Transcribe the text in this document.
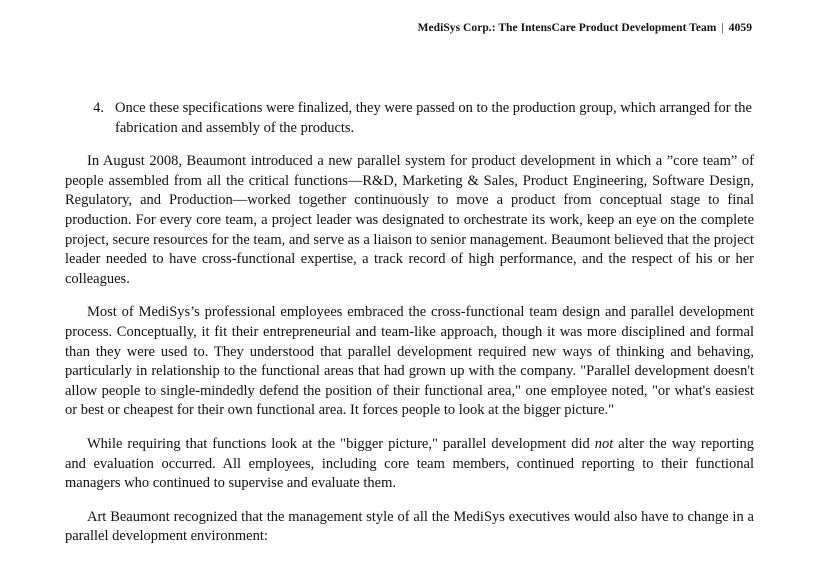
MediSys Corp.: The IntensCare Product Development Team | 4059
4. Once these specifications were finalized, they were passed on to the production group, which arranged for the fabrication and assembly of the products.

In August 2008, Beaumont introduced a new parallel system for product development in which a ”core team” of people assembled from all the critical functions—R&D, Marketing & Sales, Product Engineering, Software Design, Regulatory, and Production—worked together continuously to move a product from conceptual stage to final production. For every core team, a project leader was designated to orchestrate its work, keep an eye on the complete project, secure resources for the team, and serve as a liaison to senior management. Beaumont believed that the project leader needed to have cross-functional expertise, a track record of high performance, and the respect of his or her colleagues.

Most of MediSys’s professional employees embraced the cross-functional team design and parallel development process. Conceptually, it fit their entrepreneurial and team-like approach, though it was more disciplined and formal than they were used to. They understood that parallel development required new ways of thinking and behaving, particularly in relationship to the functional areas that had grown up with the company. "Parallel development doesn't allow people to single-mindedly defend the position of their functional area," one employee noted, "or what's easiest or best or cheapest for their own functional area. It forces people to look at the bigger picture."

While requiring that functions look at the "bigger picture," parallel development did not alter the way reporting and evaluation occurred. All employees, including core team members, continued reporting to their functional managers who continued to supervise and evaluate them.

Art Beaumont recognized that the management style of all the MediSys executives would also have to change in a parallel development environment:
